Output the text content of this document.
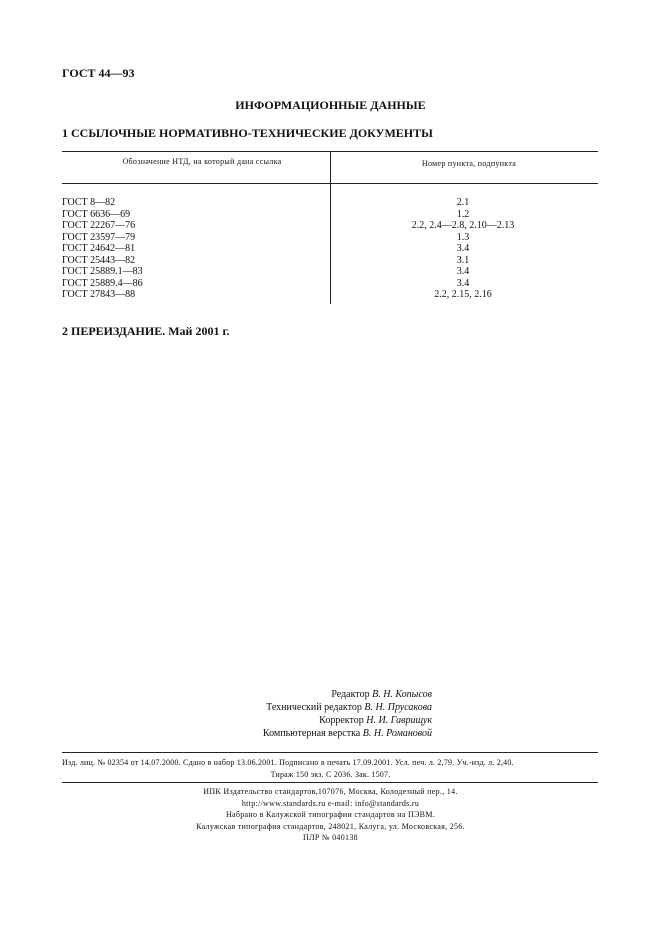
ГОСТ 44—93
ИНФОРМАЦИОННЫЕ ДАННЫЕ
1 ССЫЛОЧНЫЕ НОРМАТИВНО-ТЕХНИЧЕСКИЕ ДОКУМЕНТЫ
Обозначение НТД, на который дана ссылка	Номер пункта, подпункта
ГОСТ 8—82	2.1
ГОСТ 6636—69	1.2
ГОСТ 22267—76	2.2, 2.4—2.8, 2.10—2.13
ГОСТ 23597—79	1.3
ГОСТ 24642—81	3.4
ГОСТ 25443—82	3.1
ГОСТ 25889.1—83	3.4
ГОСТ 25889.4—86	3.4
ГОСТ 27843—88	2.2, 2.15, 2.16
2 ПЕРЕИЗДАНИЕ. Май 2001 г.
Редактор В. Н. Копысов
Технический редактор В. Н. Прусакова
Корректор Н. И. Гаврищук
Компьютерная верстка В. Н. Романовой
Изд. лиц. № 02354 от 14.07.2000. Сдано в набор 13.06.2001. Подписано в печать 17.09.2001. Усл. печ. л. 2,79. Уч.-изд. л. 2,40.
Тираж 150 экз. С 2036. Зак. 1507.
ИПК Издательство стандартов,107076, Москва, Колодезный пер., 14.
http://www.standards.ru e-mail: info@standards.ru
Набрано в Калужской типографии стандартов на ПЭВМ.
Калужская типография стандартов, 248021, Калуга, ул. Московская, 256.
ПЛР № 040138
